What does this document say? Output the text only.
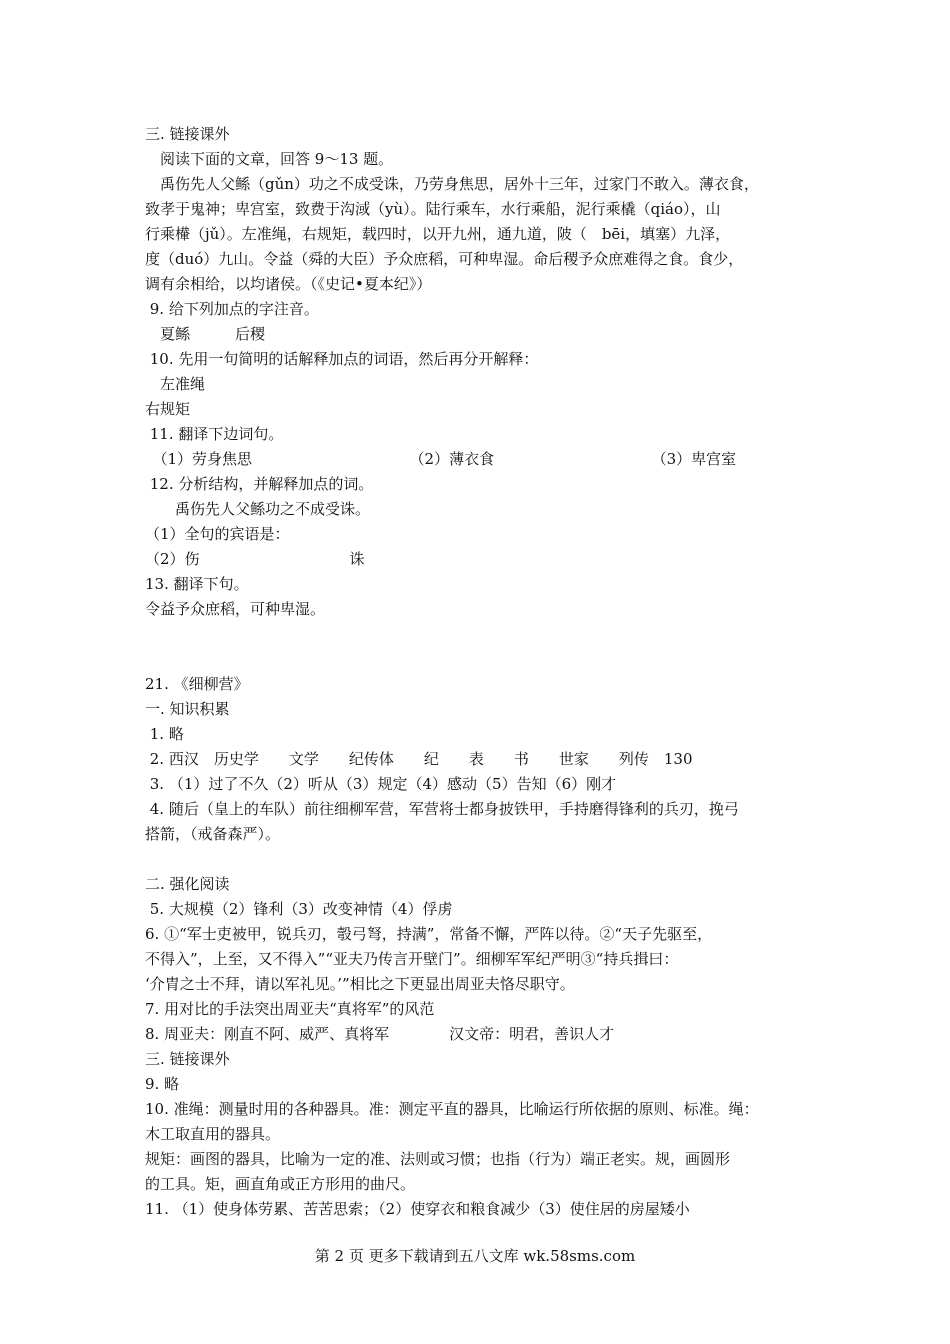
三. 链接课外
　阅读下面的文章，回答 9～13 题。
　禹伤先人父鲧（gǔn）功之不成受诛，乃劳身焦思，居外十三年，过家门不敢入。薄衣食，
致孝于鬼神；卑宫室，致费于沟淢（yù）。陆行乘车，水行乘船，泥行乘橇（qiáo），山
行乘檋（jǔ）。左准绳，右规矩，载四时，以开九州，通九道，陂（　bēi，填塞）九泽，
度（duó）九山。令益（舜的大臣）予众庶稻，可种卑湿。命后稷予众庶难得之食。食少，
调有余相给，以均诸侯。（《史记•夏本纪》）
9. 给下列加点的字注音。
　夏鲧　　　后稷
10. 先用一句简明的话解释加点的词语，然后再分开解释：
　左准绳
右规矩
11. 翻译下边词句。
　（1）劳身焦思　　　　　　　　　　　（2）薄衣食　　　　　　　　　　　（3）卑宫室
12. 分析结构，并解释加点的词。
　　禹伤先人父鲧功之不成受诛。
（1）全句的宾语是：
（2）伤　　　　　　　　　　诛
13. 翻译下句。
令益予众庶稻，可种卑湿。
21. 《细柳营》
一. 知识积累
1. 略
2. 西汉　历史学　　文学　　纪传体　　纪　　表　　书　　世家　　列传　130
3. （1）过了不久（2）听从（3）规定（4）感动（5）告知（6）刚才
4. 随后（皇上的车队）前往细柳军营，军营将士都身披铁甲，手持磨得锋利的兵刃，挽弓
搭箭，（戒备森严）。
二. 强化阅读
5. 大规模（2）锋利（3）改变神情（4）俘虏
6. ①“军士吏被甲，锐兵刃，彀弓弩，持满”，常备不懈，严阵以待。②“天子先驱至，
不得入”，上至，又不得入”“亚夫乃传言开壁门”。细柳军军纪严明③“持兵揖曰：
‘介胄之士不拜，请以军礼见。’”相比之下更显出周亚夫恪尽职守。
7. 用对比的手法突出周亚夫“真将军”的风范
8. 周亚夫：刚直不阿、威严、真将军　　　　汉文帝：明君，善识人才
三. 链接课外
9. 略
10. 准绳：测量时用的各种器具。准：测定平直的器具，比喻运行所依据的原则、标准。绳：
木工取直用的器具。
规矩：画图的器具，比喻为一定的准、法则或习惯；也指（行为）端正老实。规，画圆形
的工具。矩，画直角或正方形用的曲尺。
11. （1）使身体劳累、苦苦思索；（2）使穿衣和粮食减少（3）使住居的房屋矮小
第 2 页 更多下载请到五八文库 wk.58sms.com
